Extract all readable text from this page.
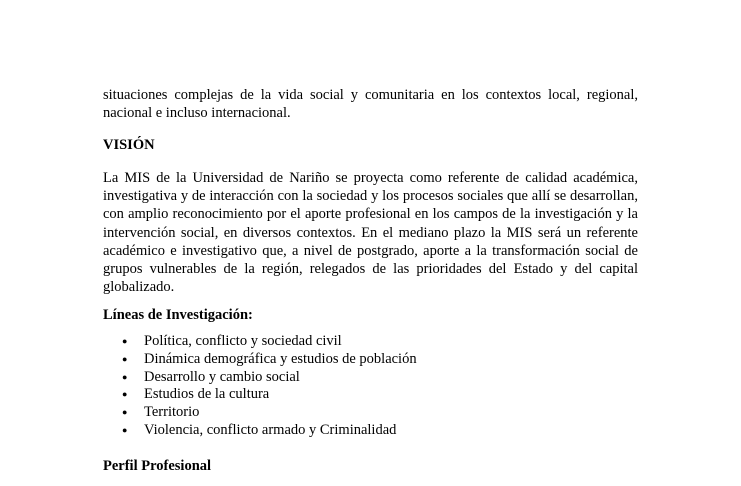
situaciones complejas de la vida social y comunitaria en los contextos local, regional, nacional e incluso internacional.

VISIÓN

La MIS de la Universidad de Nariño se proyecta como referente de calidad académica, investigativa y de interacción con la sociedad y los procesos sociales que allí se desarrollan, con amplio reconocimiento por el aporte profesional en los campos de la investigación y la intervención social, en diversos contextos. En el mediano plazo la MIS será un referente académico e investigativo que, a nivel de postgrado, aporte a la transformación social de grupos vulnerables de la región, relegados de las prioridades del Estado y del capital globalizado.

Líneas de Investigación:

●	Política, conflicto y sociedad civil
●	Dinámica demográfica y estudios de población
●	Desarrollo y cambio social
●	Estudios de la cultura
●	Territorio
●	Violencia, conflicto armado y Criminalidad

Perfil Profesional
